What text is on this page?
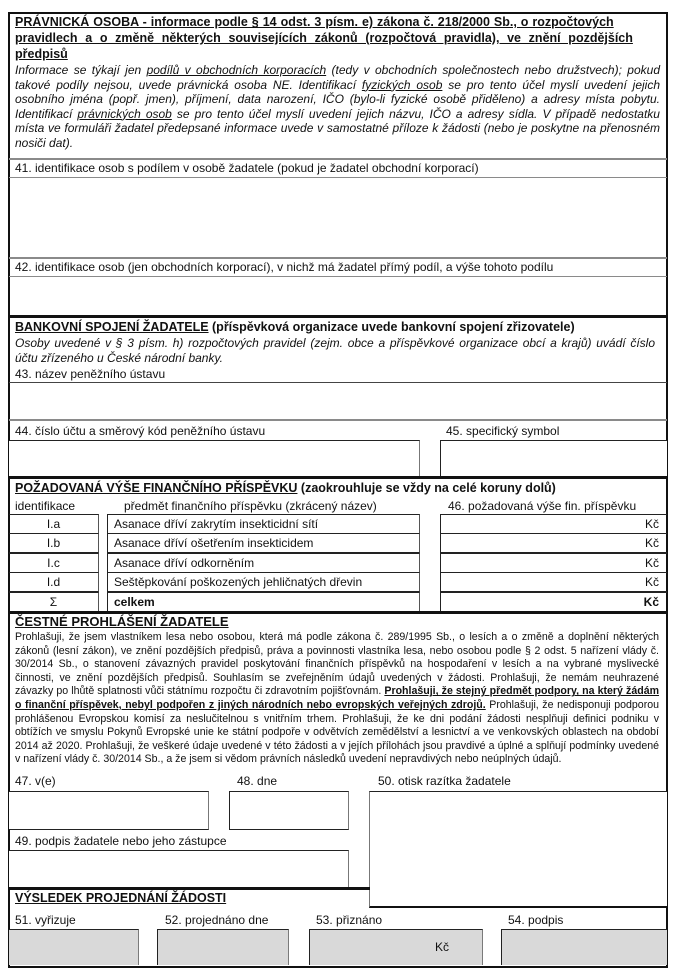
PRÁVNICKÁ OSOBA - informace podle § 14 odst. 3 písm. e) zákona č. 218/2000 Sb., o rozpočtových
pravidlech a o změně některých souvisejících zákonů (rozpočtová pravidla), ve znění pozdějších
předpisů
Informace se týkají jen podílů v obchodních korporacích (tedy v obchodních společnostech nebo družstvech); pokud takové podíly nejsou, uvede právnická osoba NE. Identifikací fyzických osob se pro tento účel myslí uvedení jejich osobního jména (popř. jmen), příjmení, data narození, IČO (bylo-li fyzické osobě přiděleno) a adresy místa pobytu. Identifikací právnických osob se pro tento účel myslí uvedení jejich názvu, IČO a adresy sídla. V případě nedostatku místa ve formuláři žadatel předepsané informace uvede v samostatné příloze k žádosti (nebo je poskytne na přenosném nosiči dat).
41. identifikace osob s podílem v osobě žadatele (pokud je žadatel obchodní korporací)
42. identifikace osob (jen obchodních korporací), v nichž má žadatel přímý podíl, a výše tohoto podílu
BANKOVNÍ SPOJENÍ ŽADATELE (příspěvková organizace uvede bankovní spojení zřizovatele)
Osoby uvedené v § 3 písm. h) rozpočtových pravidel (zejm. obce a příspěvkové organizace obcí a krajů) uvádí číslo účtu zřízeného u České národní banky.
43. název peněžního ústavu
44. číslo účtu a směrový kód peněžního ústavu	45. specifický symbol
POŽADOVANÁ VÝŠE FINANČNÍHO PŘÍSPĚVKU (zaokrouhluje se vždy na celé koruny dolů)
identifikace	předmět finančního příspěvku (zkrácený název)	46. požadovaná výše fin. příspěvku
I.a	Asanace dříví zakrytím insekticidní sítí	Kč
I.b	Asanace dříví ošetřením insekticidem	Kč
I.c	Asanace dříví odkorněním	Kč
I.d	Seštěpkování poškozených jehličnatých dřevin	Kč
Σ	celkem	Kč
ČESTNÉ PROHLÁŠENÍ ŽADATELE
Prohlašuji, že jsem vlastníkem lesa nebo osobou, která má podle zákona č. 289/1995 Sb., o lesích a o změně a doplnění některých zákonů (lesní zákon), ve znění pozdějších předpisů, práva a povinnosti vlastníka lesa, nebo osobou podle § 2 odst. 5 nařízení vlády č. 30/2014 Sb., o stanovení závazných pravidel poskytování finančních příspěvků na hospodaření v lesích a na vybrané myslivecké činnosti, ve znění pozdějších předpisů. Souhlasím se zveřejněním údajů uvedených v žádosti. Prohlašuji, že nemám neuhrazené závazky po lhůtě splatnosti vůči státnímu rozpočtu či zdravotním pojišťovnám. Prohlašuji, že stejný předmět podpory, na který žádám o finanční příspěvek, nebyl podpořen z jiných národních nebo evropských veřejných zdrojů. Prohlašuji, že nedisponuji podporou prohlášenou Evropskou komisí za neslučitelnou s vnitřním trhem. Prohlašuji, že ke dni podání žádosti nesplňuji definici podniku v obtížích ve smyslu Pokynů Evropské unie ke státní podpoře v odvětvích zemědělství a lesnictví a ve venkovských oblastech na období 2014 až 2020. Prohlašuji, že veškeré údaje uvedené v této žádosti a v jejích přílohách jsou pravdivé a úplné a splňují podmínky uvedené v nařízení vlády č. 30/2014 Sb., a že jsem si vědom právních následků uvedení nepravdivých nebo neúplných údajů.
47. v(e)	48. dne	50. otisk razítka žadatele
49. podpis žadatele nebo jeho zástupce
VÝSLEDEK PROJEDNÁNÍ ŽÁDOSTI
51. vyřizuje	52. projednáno dne	53. přiznáno	54. podpis
Kč
